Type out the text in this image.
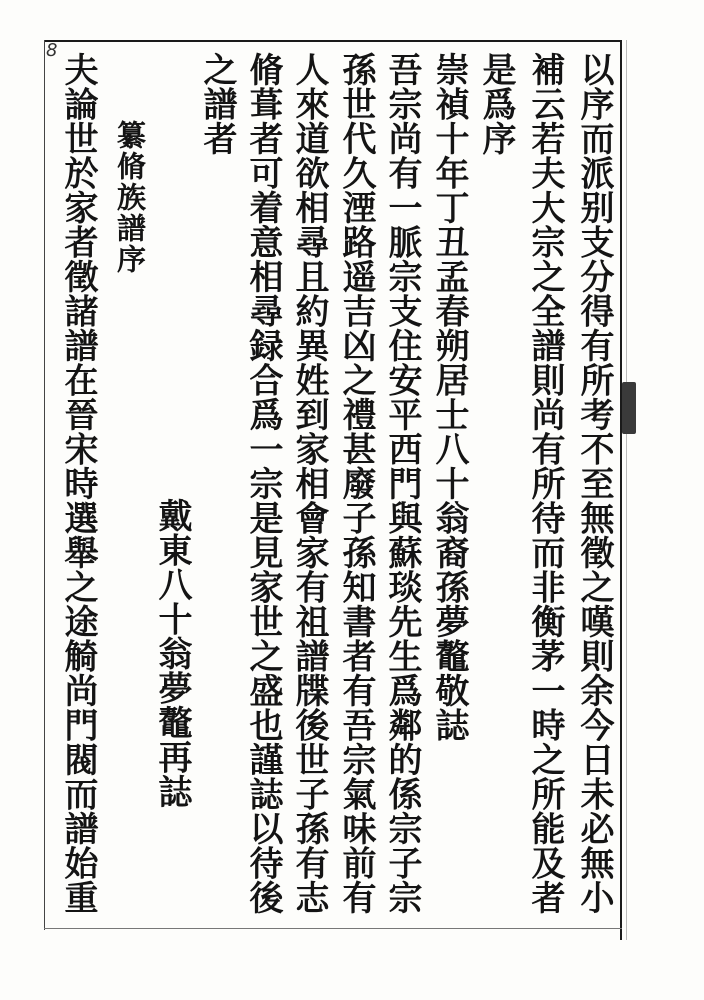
8
以序而派别支分得有所考不至無徵之嘆則余今日未必無小
補云若夫大宗之全譜則尚有所待而非衡茅一時之所能及者
是爲序
崇禎十年丁丑孟春朔居士八十翁裔孫夢鼇敬誌
吾宗尚有一脈宗支住安平西門與蘇琰先生爲鄰的係宗子宗
孫世代久湮路遥吉凶之禮甚廢子孫知書者有吾宗氣味前有
人來道欲相尋且約異姓到家相會家有祖譜牒後世子孫有志
脩葺者可着意相尋録合爲一宗是見家世之盛也謹誌以待後
之譜者
戴東八十翁夢鼇再誌
纂脩族譜序
夫論世於家者徵諸譜在晉宋時選舉之途觭尚門閥而譜始重
